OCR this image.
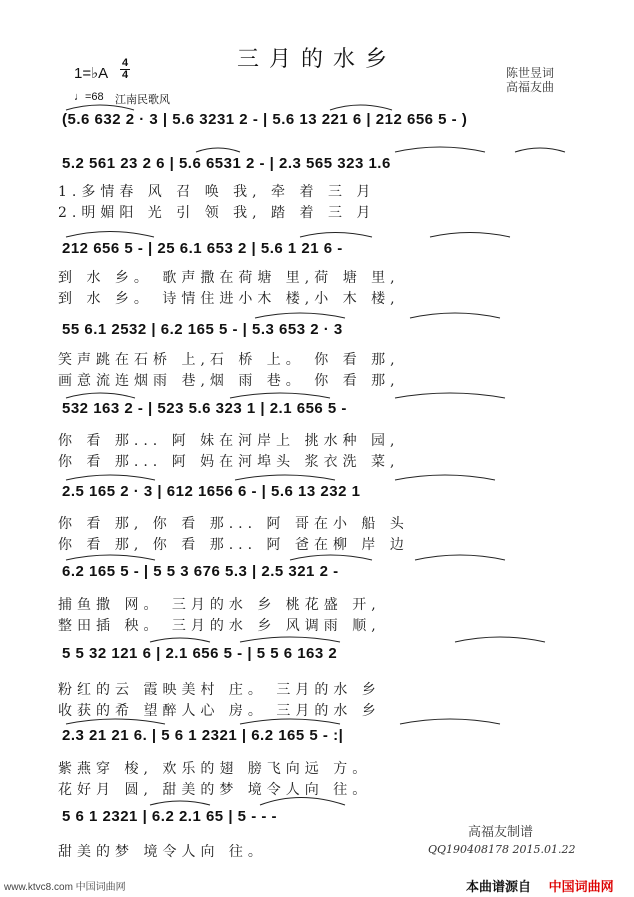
三月的水乡
1=♭A
4
4
♩=68 江南民歌风
陈世昱词
高福友曲
(5.6 632 2 · 3 | 5.6 3231 2 - | 5.6 13 221 6 | 212 656 5 - )
5.2 561 23 2 6 | 5.6 6531 2 - | 2.3 565 323 1.6
1.多情春 风 召 唤 我, 牵 着 三 月
2.明媚阳 光 引 领 我, 踏 着 三 月
212 656 5 - | 25 6.1 653 2 | 5.6 1 21 6 -
到 水 乡。 歌声撒在荷塘 里,荷 塘 里,
到 水 乡。 诗情住进小木 楼,小 木 楼,
55 6.1 2532 | 6.2 165 5 - | 5.3 653 2 · 3
笑声跳在石桥 上,石 桥 上。 你 看 那,
画意流连烟雨 巷,烟 雨 巷。 你 看 那,
532 163 2 - | 523 5.6 323 1 | 2.1 656 5 -
你 看 那... 阿 妹在河岸上 挑水种 园,
你 看 那... 阿 妈在河埠头 浆衣洗 菜,
2.5 165 2 · 3 | 612 1656 6 - | 5.6 13 232 1
你 看 那, 你 看 那... 阿 哥在小 船 头
你 看 那, 你 看 那... 阿 爸在柳 岸 边
6.2 165 5 - | 5 5 3 676 5.3 | 2.5 321 2 -
捕鱼撒 网。 三月的水 乡 桃花盛 开,
整田插 秧。 三月的水 乡 风调雨 顺,
5 5 32 121 6 | 2.1 656 5 - | 5 5 6 163 2
粉红的云 霞映美村 庄。 三月的水 乡
收获的希 望醉人心 房。 三月的水 乡
2.3 21 21 6. | 5 6 1 2321 | 6.2 165 5 - :|
紫燕穿 梭, 欢乐的翅 膀飞向远 方。
花好月 圆, 甜美的梦 境令人向 往。
5 6 1 2321 | 6.2 2.1 65 | 5 - - -
甜美的梦 境令人向 往。
高福友制谱
QQ190408178 2015.01.22
www.ktvc8.com 中国词曲网	本曲谱源自 中国词曲网
